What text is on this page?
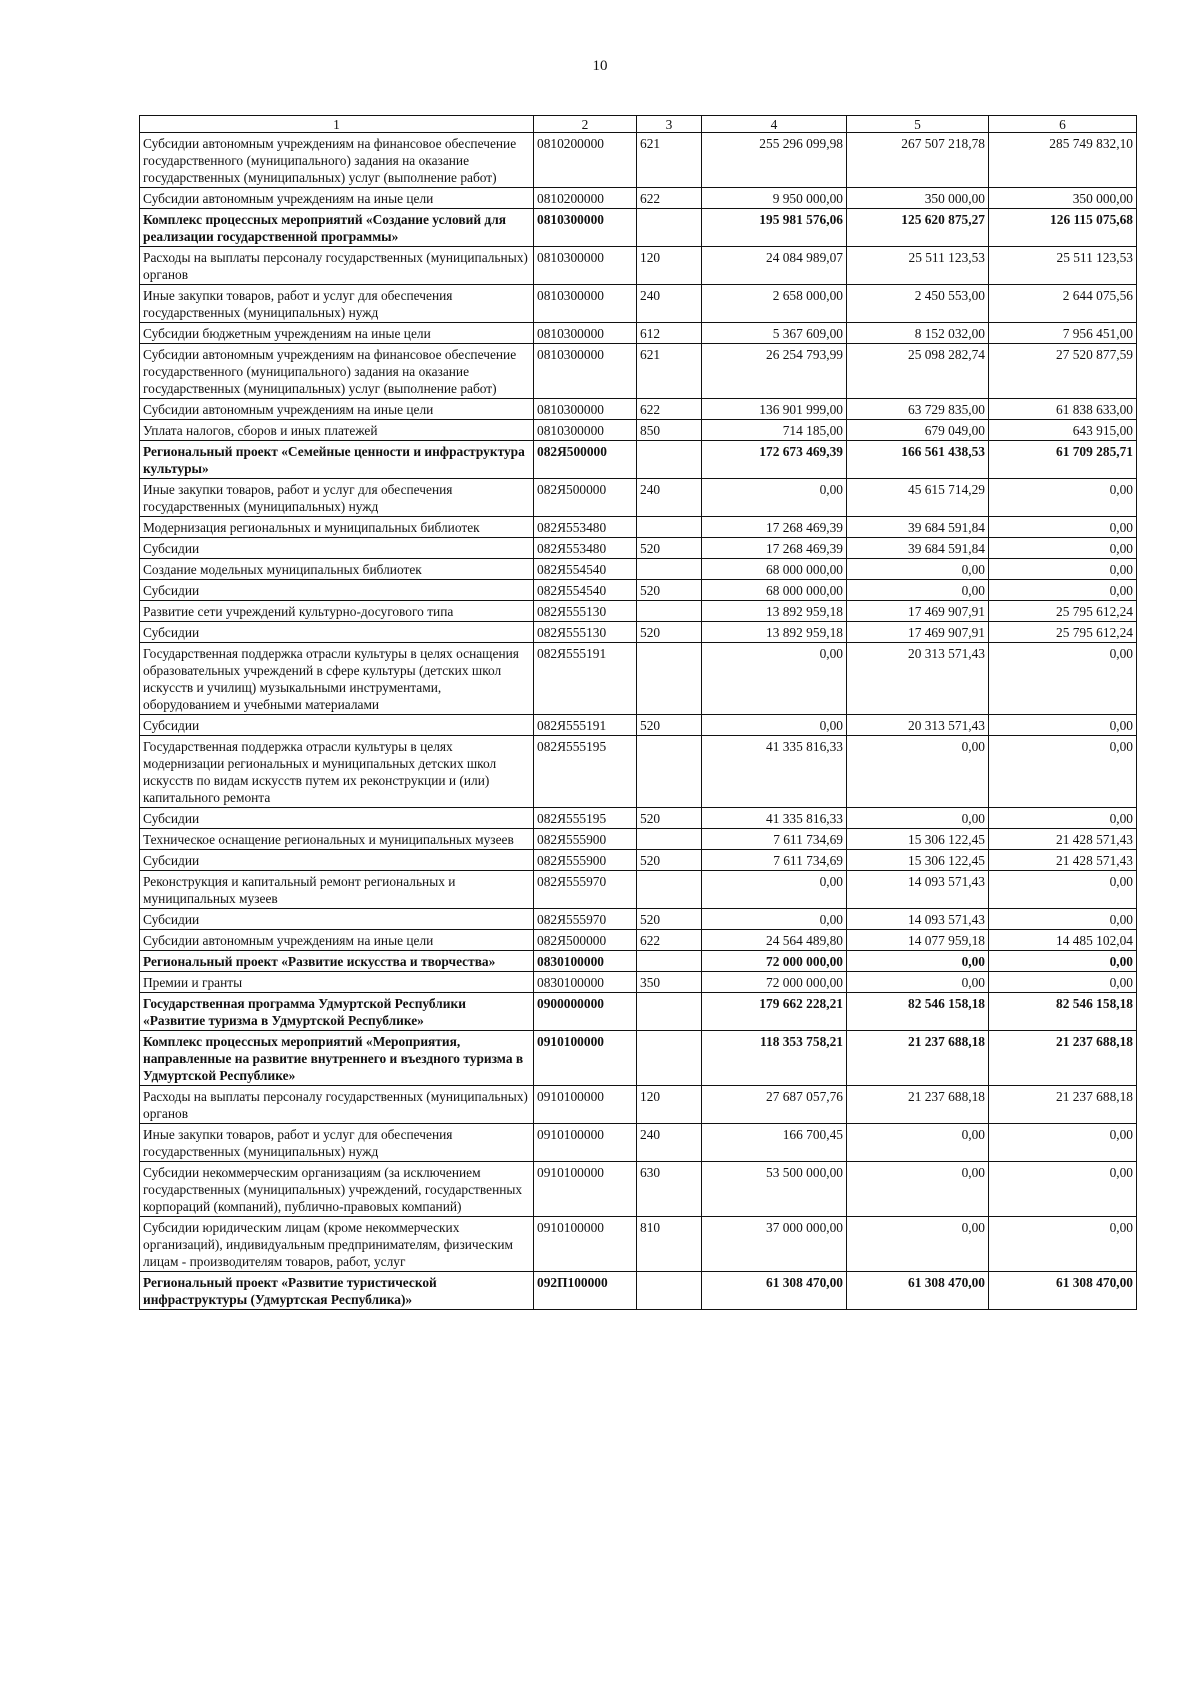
10
1	2	3	4	5	6
Субсидии автономным учреждениям на финансовое обеспечение государственного (муниципального) задания на оказание государственных (муниципальных) услуг (выполнение работ)	0810200000	621	255 296 099,98	267 507 218,78	285 749 832,10
Субсидии автономным учреждениям на иные цели	0810200000	622	9 950 000,00	350 000,00	350 000,00
Комплекс процессных мероприятий «Создание условий для реализации государственной программы»	0810300000		195 981 576,06	125 620 875,27	126 115 075,68
Расходы на выплаты персоналу государственных (муниципальных) органов	0810300000	120	24 084 989,07	25 511 123,53	25 511 123,53
Иные закупки товаров, работ и услуг для обеспечения государственных (муниципальных) нужд	0810300000	240	2 658 000,00	2 450 553,00	2 644 075,56
Субсидии бюджетным учреждениям на иные цели	0810300000	612	5 367 609,00	8 152 032,00	7 956 451,00
Субсидии автономным учреждениям на финансовое обеспечение государственного (муниципального) задания на оказание государственных (муниципальных) услуг (выполнение работ)	0810300000	621	26 254 793,99	25 098 282,74	27 520 877,59
Субсидии автономным учреждениям на иные цели	0810300000	622	136 901 999,00	63 729 835,00	61 838 633,00
Уплата налогов, сборов и иных платежей	0810300000	850	714 185,00	679 049,00	643 915,00
Региональный проект «Семейные ценности и инфраструктура культуры»	082Я500000		172 673 469,39	166 561 438,53	61 709 285,71
Иные закупки товаров, работ и услуг для обеспечения государственных (муниципальных) нужд	082Я500000	240	0,00	45 615 714,29	0,00
Модернизация региональных и муниципальных библиотек	082Я553480		17 268 469,39	39 684 591,84	0,00
Субсидии	082Я553480	520	17 268 469,39	39 684 591,84	0,00
Создание модельных муниципальных библиотек	082Я554540		68 000 000,00	0,00	0,00
Субсидии	082Я554540	520	68 000 000,00	0,00	0,00
Развитие сети учреждений культурно-досугового типа	082Я555130		13 892 959,18	17 469 907,91	25 795 612,24
Субсидии	082Я555130	520	13 892 959,18	17 469 907,91	25 795 612,24
Государственная поддержка отрасли культуры в целях оснащения образовательных учреждений в сфере культуры (детских школ искусств и училищ) музыкальными инструментами, оборудованием и учебными материалами	082Я555191		0,00	20 313 571,43	0,00
Субсидии	082Я555191	520	0,00	20 313 571,43	0,00
Государственная поддержка отрасли культуры в целях модернизации региональных и муниципальных детских школ искусств по видам искусств путем их реконструкции и (или) капитального ремонта	082Я555195		41 335 816,33	0,00	0,00
Субсидии	082Я555195	520	41 335 816,33	0,00	0,00
Техническое оснащение региональных и муниципальных музеев	082Я555900		7 611 734,69	15 306 122,45	21 428 571,43
Субсидии	082Я555900	520	7 611 734,69	15 306 122,45	21 428 571,43
Реконструкция и капитальный ремонт региональных и муниципальных музеев	082Я555970		0,00	14 093 571,43	0,00
Субсидии	082Я555970	520	0,00	14 093 571,43	0,00
Субсидии автономным учреждениям на иные цели	082Я500000	622	24 564 489,80	14 077 959,18	14 485 102,04
Региональный проект «Развитие искусства и творчества»	0830100000		72 000 000,00	0,00	0,00
Премии и гранты	0830100000	350	72 000 000,00	0,00	0,00
Государственная программа Удмуртской Республики «Развитие туризма в Удмуртской Республике»	0900000000		179 662 228,21	82 546 158,18	82 546 158,18
Комплекс процессных мероприятий «Мероприятия, направленные на развитие внутреннего и въездного туризма в Удмуртской Республике»	0910100000		118 353 758,21	21 237 688,18	21 237 688,18
Расходы на выплаты персоналу государственных (муниципальных) органов	0910100000	120	27 687 057,76	21 237 688,18	21 237 688,18
Иные закупки товаров, работ и услуг для обеспечения государственных (муниципальных) нужд	0910100000	240	166 700,45	0,00	0,00
Субсидии некоммерческим организациям (за исключением государственных (муниципальных) учреждений, государственных корпораций (компаний), публично-правовых компаний)	0910100000	630	53 500 000,00	0,00	0,00
Субсидии юридическим лицам (кроме некоммерческих организаций), индивидуальным предпринимателям, физическим лицам - производителям товаров, работ, услуг	0910100000	810	37 000 000,00	0,00	0,00
Региональный проект «Развитие туристической инфраструктуры (Удмуртская Республика)»	092П100000		61 308 470,00	61 308 470,00	61 308 470,00
